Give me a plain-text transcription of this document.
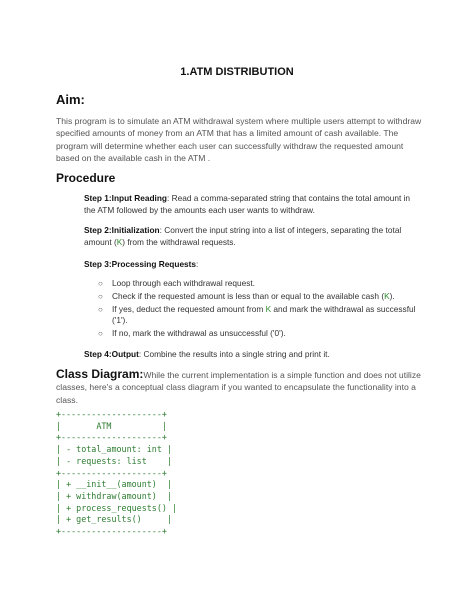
1.ATM DISTRIBUTION
Aim:
This program is to simulate an ATM withdrawal system where multiple users attempt to withdraw specified amounts of money from an ATM that has a limited amount of cash available. The program will determine whether each user can successfully withdraw the requested amount based on the available cash in the ATM .
Procedure
Step 1:Input Reading: Read a comma-separated string that contains the total amount in the ATM followed by the amounts each user wants to withdraw.
Step 2:Initialization: Convert the input string into a list of integers, separating the total amount (K) from the withdrawal requests.
Step 3:Processing Requests:
○ Loop through each withdrawal request.
○ Check if the requested amount is less than or equal to the available cash (K).
○ If yes, deduct the requested amount from K and mark the withdrawal as successful ('1').
○ If no, mark the withdrawal as unsuccessful ('0').
Step 4:Output: Combine the results into a single string and print it.
Class Diagram:While the current implementation is a simple function and does not utilize classes, here's a conceptual class diagram if you wanted to encapsulate the functionality into a class.
+--------------------+
|       ATM          |
+--------------------+
| - total_amount: int |
| - requests: list    |
+--------------------+
| + __init__(amount)  |
| + withdraw(amount)  |
| + process_requests() |
| + get_results()     |
+--------------------+
